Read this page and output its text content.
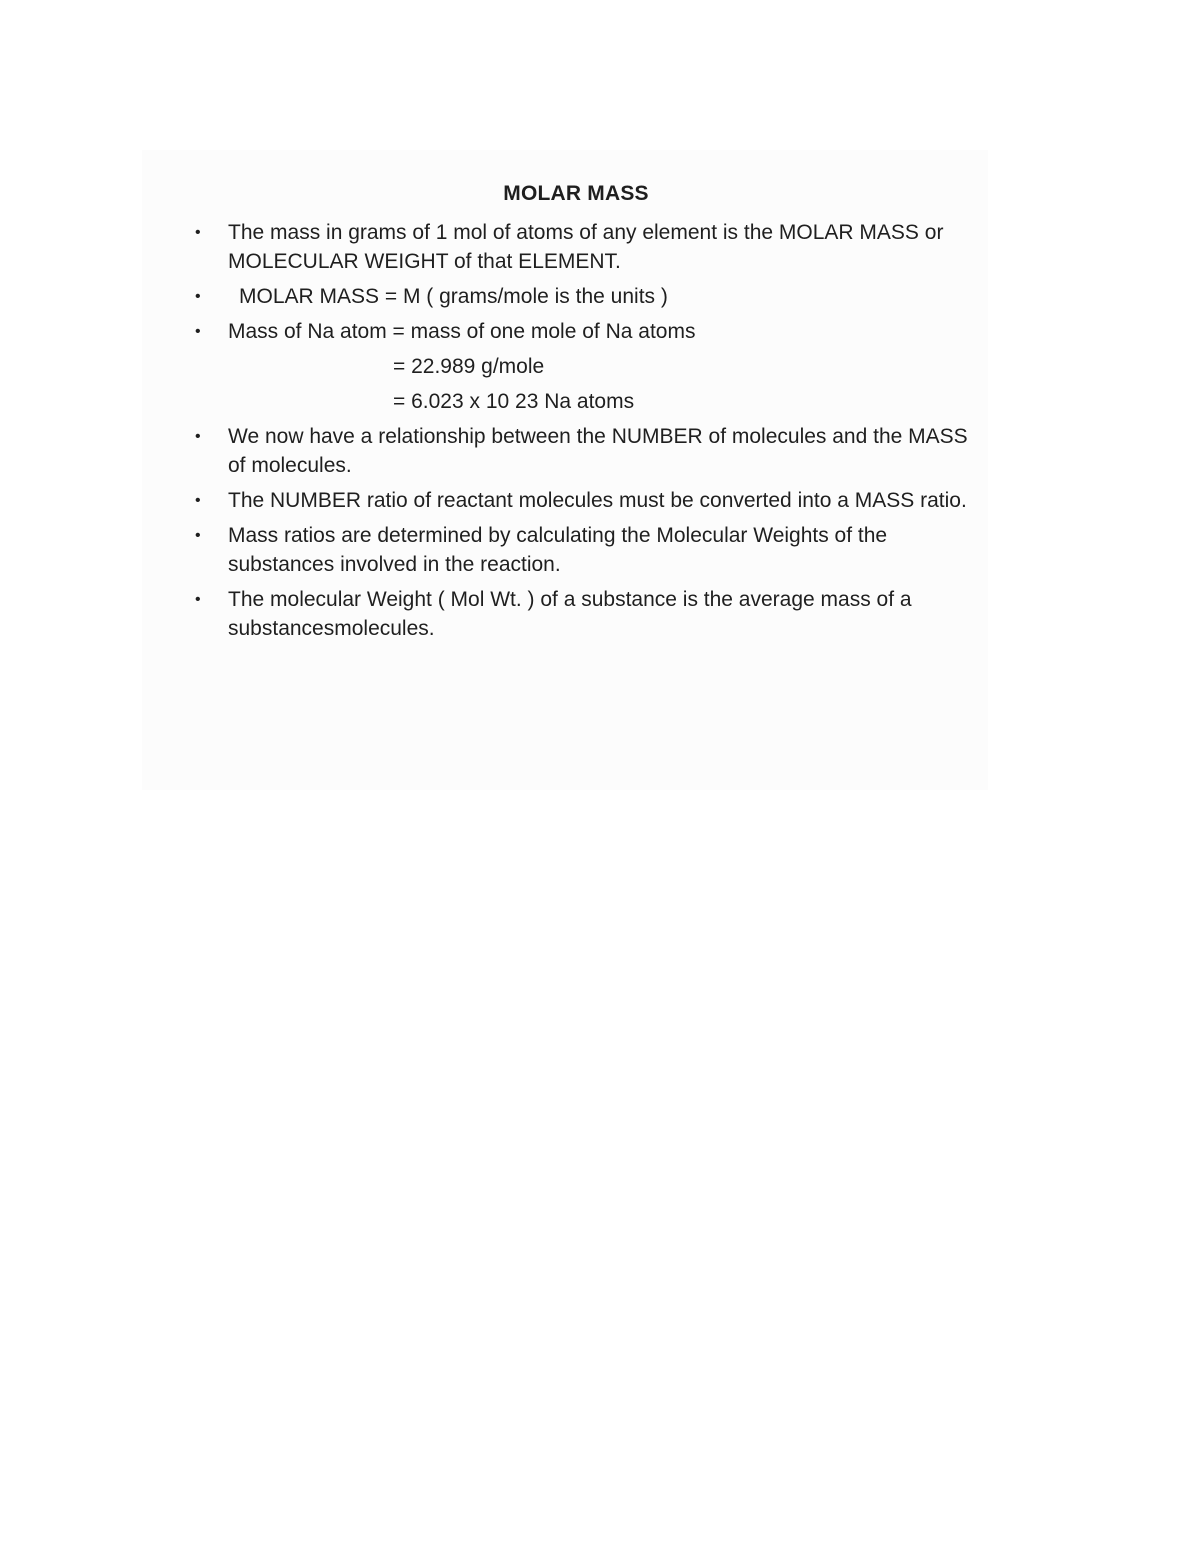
MOLAR MASS
• The mass in grams of 1 mol of atoms of any element is the MOLAR MASS or MOLECULAR WEIGHT of that ELEMENT.
• MOLAR MASS = M ( grams/mole is the units )
• Mass of Na atom = mass of one mole of Na atoms
= 22.989 g/mole
= 6.023 x 10 23 Na atoms
• We now have a relationship between the NUMBER of molecules and the MASS of molecules.
• The NUMBER ratio of reactant molecules must be converted into a MASS ratio.
• Mass ratios are determined by calculating the Molecular Weights of the substances involved in the reaction.
• The molecular Weight ( Mol Wt. ) of a substance is the average mass of a substancesmolecules.
